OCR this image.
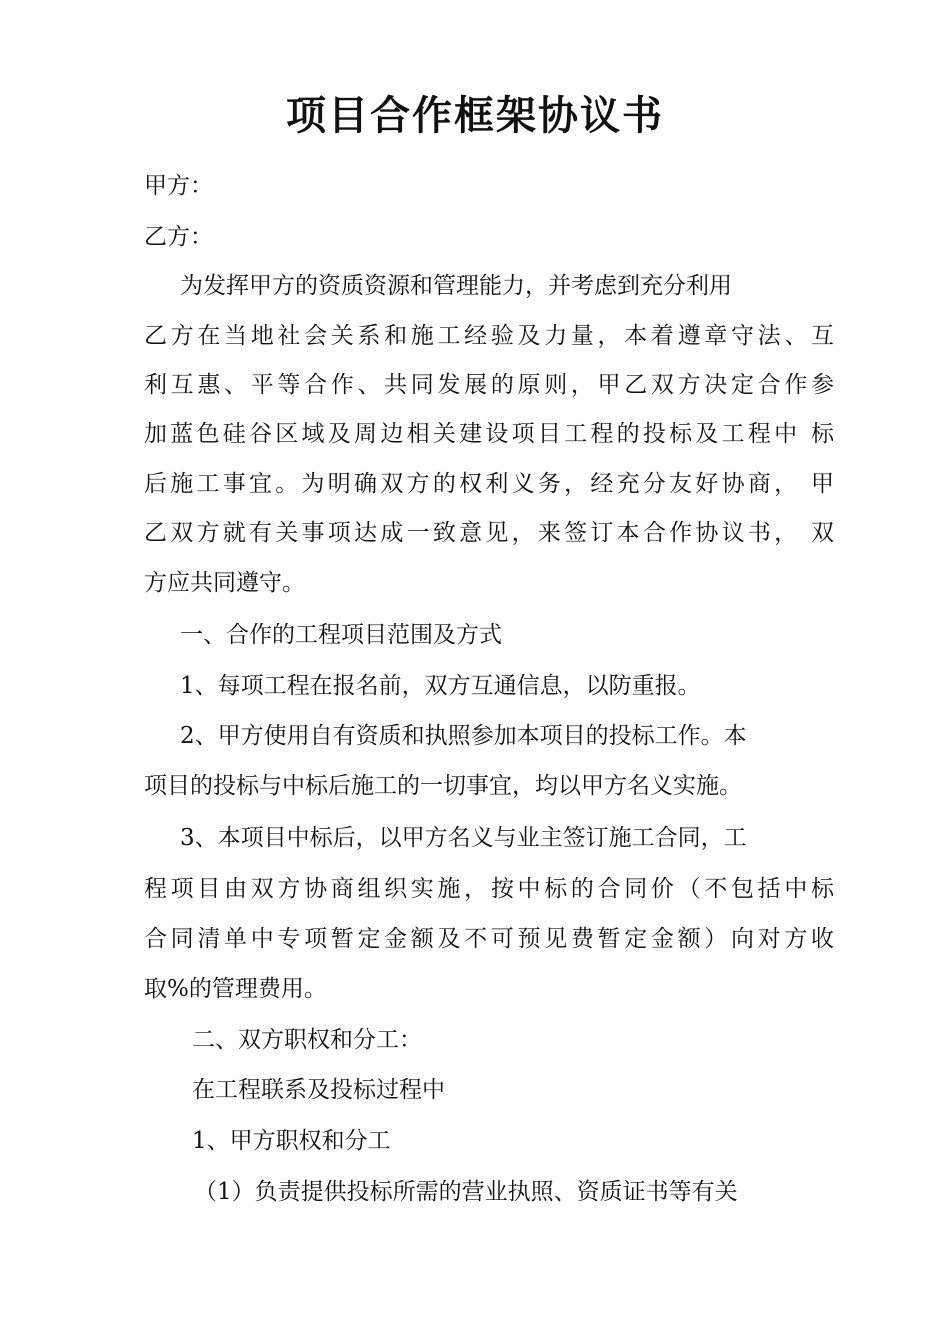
项目合作框架协议书
甲方：
乙方：
为发挥甲方的资质资源和管理能力，并考虑到充分利用
乙方在当地社会关系和施工经验及力量，本着遵章守法、互
利互惠、平等合作、共同发展的原则，甲乙双方决定合作参
加蓝色硅谷区域及周边相关建设项目工程的投标及工程中 标
后施工事宜。为明确双方的权利义务，经充分友好协商， 甲
乙双方就有关事项达成一致意见，来签订本合作协议书， 双
方应共同遵守。
一、合作的工程项目范围及方式
1、每项工程在报名前，双方互通信息，以防重报。
2、甲方使用自有资质和执照参加本项目的投标工作。本
项目的投标与中标后施工的一切事宜，均以甲方名义实施。
3、本项目中标后，以甲方名义与业主签订施工合同，工
程项目由双方协商组织实施，按中标的合同价（不包括中标
合同清单中专项暂定金额及不可预见费暂定金额）向对方收
取%的管理费用。
二、双方职权和分工：
在工程联系及投标过程中
1、甲方职权和分工
（1）负责提供投标所需的营业执照、资质证书等有关
